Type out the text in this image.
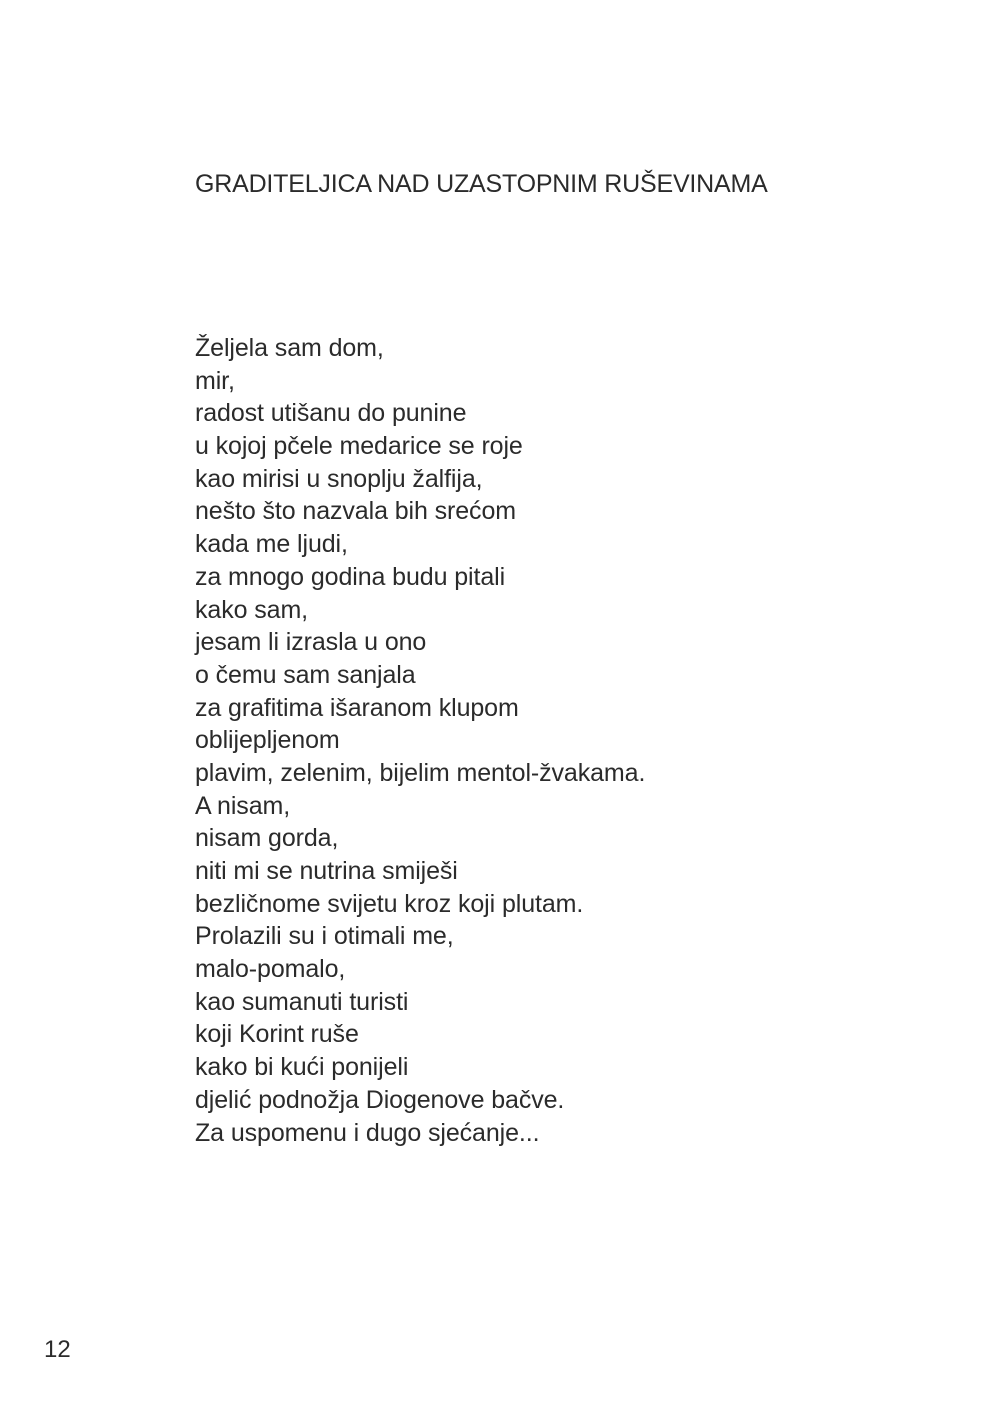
GRADITELJICA NAD UZASTOPNIM RUŠEVINAMA
Željela sam dom,
mir,
radost utišanu do punine
u kojoj pčele medarice se roje
kao mirisi u snoplju žalfija,
nešto što nazvala bih srećom
kada me ljudi,
za mnogo godina budu pitali
kako sam,
jesam li izrasla u ono
o čemu sam sanjala
za grafitima išaranom klupom
oblijepljenom
plavim, zelenim, bijelim mentol-žvakama.
A nisam,
nisam gorda,
niti mi se nutrina smiješi
bezličnome svijetu kroz koji plutam.
Prolazili su i otimali me,
malo-pomalo,
kao sumanuti turisti
koji Korint ruše
kako bi kući ponijeli
djelić podnožja Diogenove bačve.
Za uspomenu i dugo sjećanje...
12
